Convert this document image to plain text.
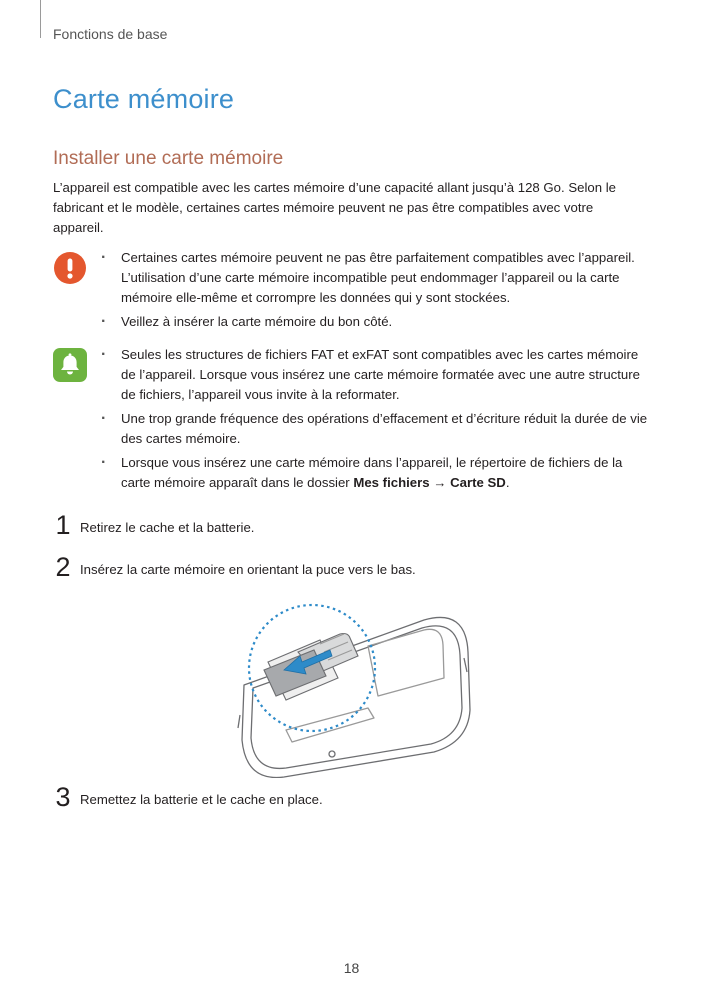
Fonctions de base
Carte mémoire
Installer une carte mémoire

L’appareil est compatible avec les cartes mémoire d’une capacité allant jusqu’à 128 Go. Selon le fabricant et le modèle, certaines cartes mémoire peuvent ne pas être compatibles avec votre appareil.

· Certaines cartes mémoire peuvent ne pas être parfaitement compatibles avec l’appareil. L’utilisation d’une carte mémoire incompatible peut endommager l’appareil ou la carte mémoire elle-même et corrompre les données qui y sont stockées.
· Veillez à insérer la carte mémoire du bon côté.
· Seules les structures de fichiers FAT et exFAT sont compatibles avec les cartes mémoire de l’appareil. Lorsque vous insérez une carte mémoire formatée avec une autre structure de fichiers, l’appareil vous invite à la reformater.
· Une trop grande fréquence des opérations d’effacement et d’écriture réduit la durée de vie des cartes mémoire.
· Lorsque vous insérez une carte mémoire dans l’appareil, le répertoire de fichiers de la carte mémoire apparaît dans le dossier Mes fichiers → Carte SD.
1 Retirez le cache et la batterie.
2 Insérez la carte mémoire en orientant la puce vers le bas.
3 Remettez la batterie et le cache en place.
18
